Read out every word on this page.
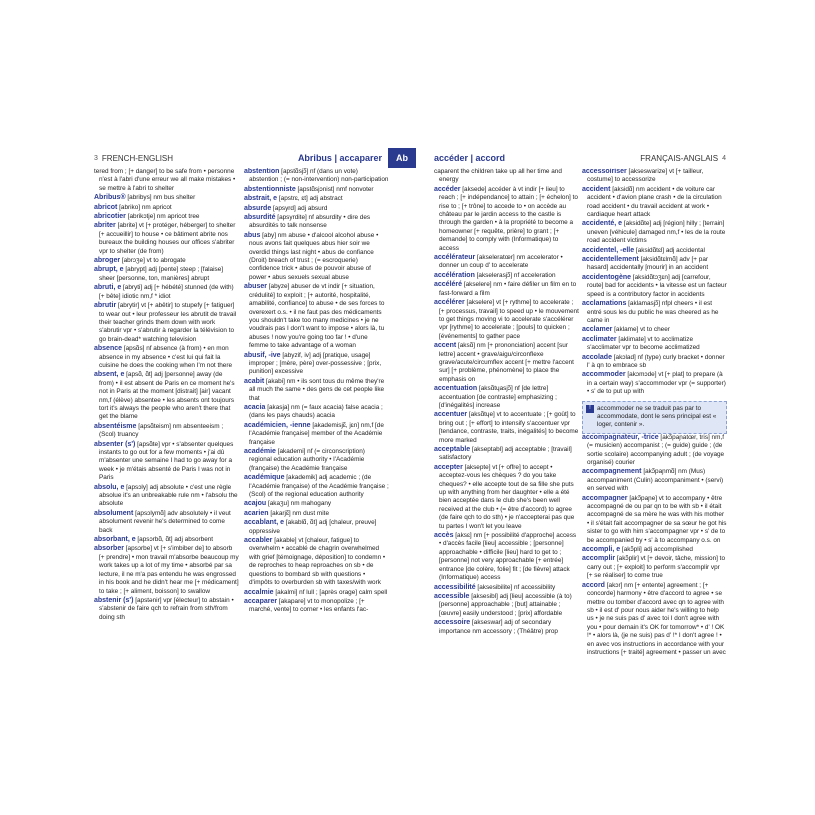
3 FRENCH-ENGLISH	Abribus | accaparer Ab	accéder | accord	FRANÇAIS-ANGLAIS 4
tered from ; [+ danger] to be safe from • personne n'est à l'abri d'une erreur we all make mistakes • se mettre à l'abri to shelter
Abribus® [abribys] nm bus shelter
abricot [abriko] nm apricot
abricotier [abrikɔtje] nm apricot tree
abriter [abrite] vt [+ protéger, héberger] to shelter [+ accueillir] to house • ce bâtiment abrite nos bureaux the building houses our offices s'abriter vpr to shelter (de from)
abroger [abrɔʒe] vt to abrogate
abrupt, e [abrypt] adj [pente] steep ; [falaise] sheer [personne, ton, manières] abrupt
abruti, e [abryti] adj [+ hébété] stunned (de with) [+ bête] idiotic nm,f * idiot
abrutir [abrytir] vt [+ abêtir] to stupefy [+ fatiguer] to wear out • leur professeur les abrutit de travail their teacher grinds them down with work s'abrutir vpr • s'abrutir à regarder la télévision to go brain-dead* watching television
absence [apsɑ̃s] nf absence (à from) • en mon absence in my absence • c'est lui qui fait la cuisine he does the cooking when I'm not there
absent, e [apsɑ̃, ɑ̃t] adj [personne] away (de from) • il est absent de Paris en ce moment he's not in Paris at the moment [distrait] [air] vacant nm,f (élève) absentee • les absents ont toujours tort it's always the people who aren't there that get the blame
absentéisme [apsɑ̃teism] nm absenteeism ; (Scol) truancy
absenter (s') [apsɑ̃te] vpr • s'absenter quelques instants to go out for a few moments • j'ai dû m'absenter une semaine I had to go away for a week • je m'étais absenté de Paris I was not in Paris
absolu, e [apsɔly] adj absolute • c'est une règle absolue it's an unbreakable rule nm • l'absolu the absolute
absolument [apsɔlymɑ̃] adv absolutely • il veut absolument revenir he's determined to come back
absorbant, e [apsɔrbɑ̃, ɑ̃t] adj absorbent
absorber [apsɔrbe] vt [+ s'imbiber de] to absorb [+ prendre] • mon travail m'absorbe beaucoup my work takes up a lot of my time • absorbé par sa lecture, il ne m'a pas entendu he was engrossed in his book and he didn't hear me [+ médicament] to take ; [+ aliment, boisson] to swallow
abstenir (s') [apstənir] vpr [électeur] to abstain • s'abstenir de faire qch to refrain from sth/from doing sth
abstention [apstɑ̃sjɔ̃] nf (dans un vote) abstention ; (= non-intervention) non-participation
abstentionniste [apstɑ̃sjɔnist] nmf nonvoter
abstrait, e [apstrɛ, ɛt] adj abstract
absurde [apsyrd] adj absurd
absurdité [apsyrdite] nf absurdity • dire des absurdités to talk nonsense
abus [aby] nm abuse • d'alcool alcohol abuse • nous avons fait quelques abus hier soir we overdid things last night • abus de confiance (Droit) breach of trust ; (= escroquerie) confidence trick • abus de pouvoir abuse of power • abus sexuels sexual abuse
abuser [abyze] abuser de vt indir [+ situation, crédulité] to exploit ; [+ autorité, hospitalité, amabilité, confiance] to abuse • de ses forces to overexert o.s. • il ne faut pas des médicaments you shouldn't take too many medicines • je ne voudrais pas I don't want to impose • alors là, tu abuses ! now you're going too far ! • d'une femme to take advantage of a woman
abusif, -ive [abyzif, iv] adj [pratique, usage] improper ; [mère, père] over-possessive ; [prix, punition] excessive
acabit [akabi] nm • ils sont tous du même they're all much the same • des gens de cet people like that
acacia [akasja] nm (= faux acacia) false acacia ; (dans les pays chauds) acacia
académicien, -ienne [akademisjɛ̃, jɛn] nm,f [de l'Académie française] member of the Académie française
académie [akademi] nf (= circonscription) regional education authority • l'Académie (française) the Académie française
académique [akademik] adj academic ; (de l'Académie française) of the Académie française ; (Scol) of the regional education authority
acajou [akaʒu] nm mahogany
acarien [akarjɛ̃] nm dust mite
accablant, e [akablɑ̃, ɑ̃t] adj [chaleur, preuve] oppressive
accabler [akable] vt [chaleur, fatigue] to overwhelm • accablé de chagrin overwhelmed with grief [témoignage, déposition] to condemn • de reproches to heap reproaches on sb • de questions to bombard sb with questions • d'impôts to overburden sb with taxes/with work
accalmie [akalmi] nf lull ; [après orage] calm spell
accaparer [akapare] vt to monopolize ; [+ marché, vente] to corner • les enfants l'ac-
caparent the children take up all her time and energy
accéder [aksede] accéder à vt indir [+ lieu] to reach ; [+ indépendance] to attain ; [+ échelon] to rise to ; [+ trône] to accede to • on accède au château par le jardin access to the castle is through the garden • à la propriété to become a homeowner [+ requête, prière] to grant ; [+ demande] to comply with (Informatique) to access
accélérateur [akseleratœr] nm accelerator • donner un coup d' to accelerate
accélération [akselerasjɔ̃] nf acceleration
accéléré [akselere] nm • faire défiler un film en to fast-forward a film
accélérer [akselere] vt [+ rythme] to accelerate ; [+ processus, travail] to speed up • le mouvement to get things moving vi to accelerate s'accélérer vpr [rythme] to accelerate ; [pouls] to quicken ; [événements] to gather pace
accent [aksɑ̃] nm [+ prononciation] accent [sur lettre] accent • grave/aigu/circonflexe grave/acute/circumflex accent [+ mettre l'accent sur] [+ problème, phénomène] to place the emphasis on
accentuation [aksɑ̃tɥasjɔ̃] nf [de lettre] accentuation [de contraste] emphasizing ; [d'inégalités] increase
accentuer [aksɑ̃tɥe] vt to accentuate ; [+ goût] to bring out ; [+ effort] to intensify s'accentuer vpr [tendance, contraste, traits, inégalités] to become more marked
acceptable [akseptabl] adj acceptable ; [travail] satisfactory
accepter [aksepte] vt [+ offre] to accept • acceptez-vous les chèques ? do you take cheques? • elle accepte tout de sa fille she puts up with anything from her daughter • elle a été bien acceptée dans le club she's been well received at the club • (= être d'accord) to agree (de faire qch to do sth) • je n'accepterai pas que tu partes I won't let you leave
accès [aksɛ] nm [+ possibilité d'approche] access • d'accès facile [lieu] accessible ; [personne] approachable • difficile [lieu] hard to get to ; [personne] not very approachable [+ entrée] entrance [de colère, folie] fit ; [de fièvre] attack (Informatique) access
accessibilité [aksesibilite] nf accessibility
accessible [aksesibl] adj [lieu] accessible (à to) [personne] approachable ; [but] attainable ; [œuvre] easily understood ; [prix] affordable
accessoire [akseswar] adj of secondary importance nm accessory ; (Théâtre) prop
accessoiriser [akseswarize] vt [+ tailleur, costume] to accessorize
accident [aksidɑ̃] nm accident • de voiture car accident • d'avion plane crash • de la circulation road accident • du travail accident at work • cardiaque heart attack
accidenté, e [aksidɑ̃te] adj [région] hilly ; [terrain] uneven [véhicule] damaged nm,f • les de la route road accident victims
accidentel, -elle [aksidɑ̃tɛl] adj accidental
accidentellement [aksidɑ̃tɛlmɑ̃] adv [+ par hasard] accidentally [mourir] in an accident
accidentogène [aksidɑ̃tɔʒɛn] adj [carrefour, route] bad for accidents • la vitesse est un facteur speed is a contributory factor in accidents
acclamations [aklamasjɔ̃] nfpl cheers • il est entré sous les du public he was cheered as he came in
acclamer [aklame] vt to cheer
acclimater [aklimate] vt to acclimatize s'acclimater vpr to become acclimatized
accolade [akɔlad] nf (type) curly bracket • donner l' à qn to embrace sb
accommoder [akɔmɔde] vt [+ plat] to prepare (à in a certain way) s'accommoder vpr (= supporter) • s' de to put up with
! accommoder ne se traduit pas par to accommodate, dont le sens principal est « loger, contenir ».
accompagnateur, -trice [akɔ̃paɲatœr, tris] nm,f (= musicien) accompanist ; (= guide) guide ; (de sortie scolaire) accompanying adult ; (de voyage organisé) courier
accompagnement [akɔ̃paɲmɑ̃] nm (Mus) accompaniment (Culin) accompaniment • (servi) en served with
accompagner [akɔ̃paɲe] vt to accompany • être accompagné de ou par qn to be with sb • il était accompagné de sa mère he was with his mother • il s'était fait accompagner de sa sœur he got his sister to go with him s'accompagner vpr • s' de to be accompanied by • s' à to accompany o.s. on
accompli, e [akɔ̃pli] adj accomplished
accomplir [akɔ̃plir] vt [+ devoir, tâche, mission] to carry out ; [+ exploit] to perform s'accomplir vpr [+ se réaliser] to come true
accord [akɔr] nm [+ entente] agreement ; [+ concorde] harmony • être d'accord to agree • se mettre ou tomber d'accord avec qn to agree with sb • il est d' pour nous aider he's willing to help us • je ne suis pas d' avec toi I don't agree with you • pour demain it's OK for tomorrow* • d' ! OK !* • alors là, (je ne suis) pas d' !* I don't agree ! • en avec vos instructions in accordance with your instructions [+ traité] agreement • passer un avec
